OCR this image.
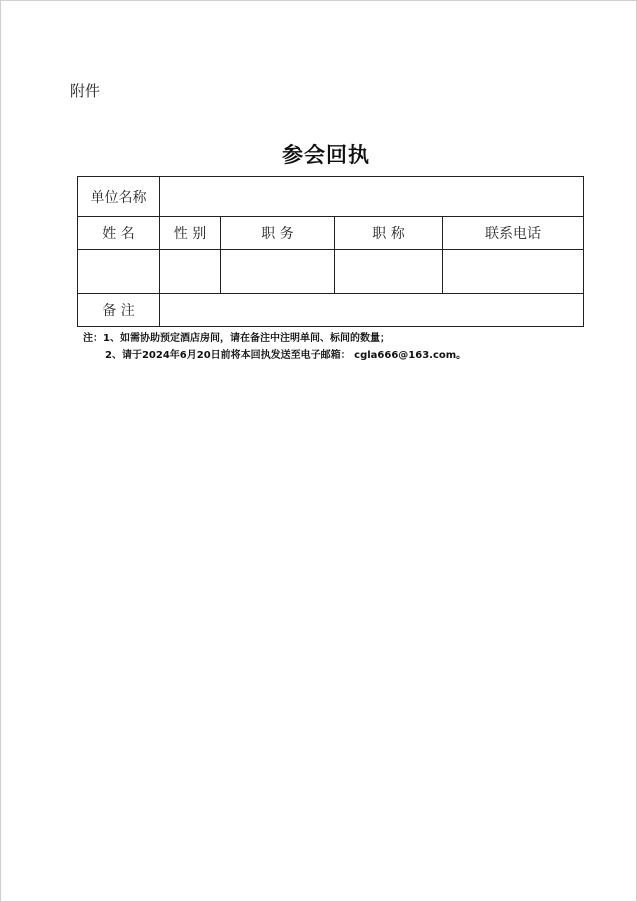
附件
参会回执
单位名称				
姓 名	性 别	职 务	职 称	联系电话

备 注				
注：1、如需协助预定酒店房间，请在备注中注明单间、标间的数量；
2、请于2024年6月20日前将本回执发送至电子邮箱： cgla666@163.com。
